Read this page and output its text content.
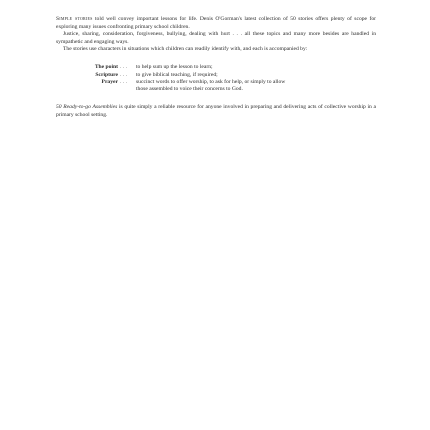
Simple stories told well convey important lessons for life. Denis O'Gorman's latest collection of 50 stories offers plenty of scope for exploring many issues confronting primary school children.

Justice, sharing, consideration, forgiveness, bullying, dealing with hurt . . . all these topics and many more besides are handled in sympathetic and engaging ways.

The stories use characters in situations which children can readily identify with, and each is accompanied by:

The point . . .	to help sum up the lesson to learn;
Scripture . . .	to give biblical teaching, if required;
Prayer . . .	succinct words to offer worship, to ask for help, or simply to allow those assembled to voice their concerns to God.

50 Ready-to-go Assemblies is quite simply a reliable resource for anyone involved in preparing and delivering acts of collective worship in a primary school setting.
